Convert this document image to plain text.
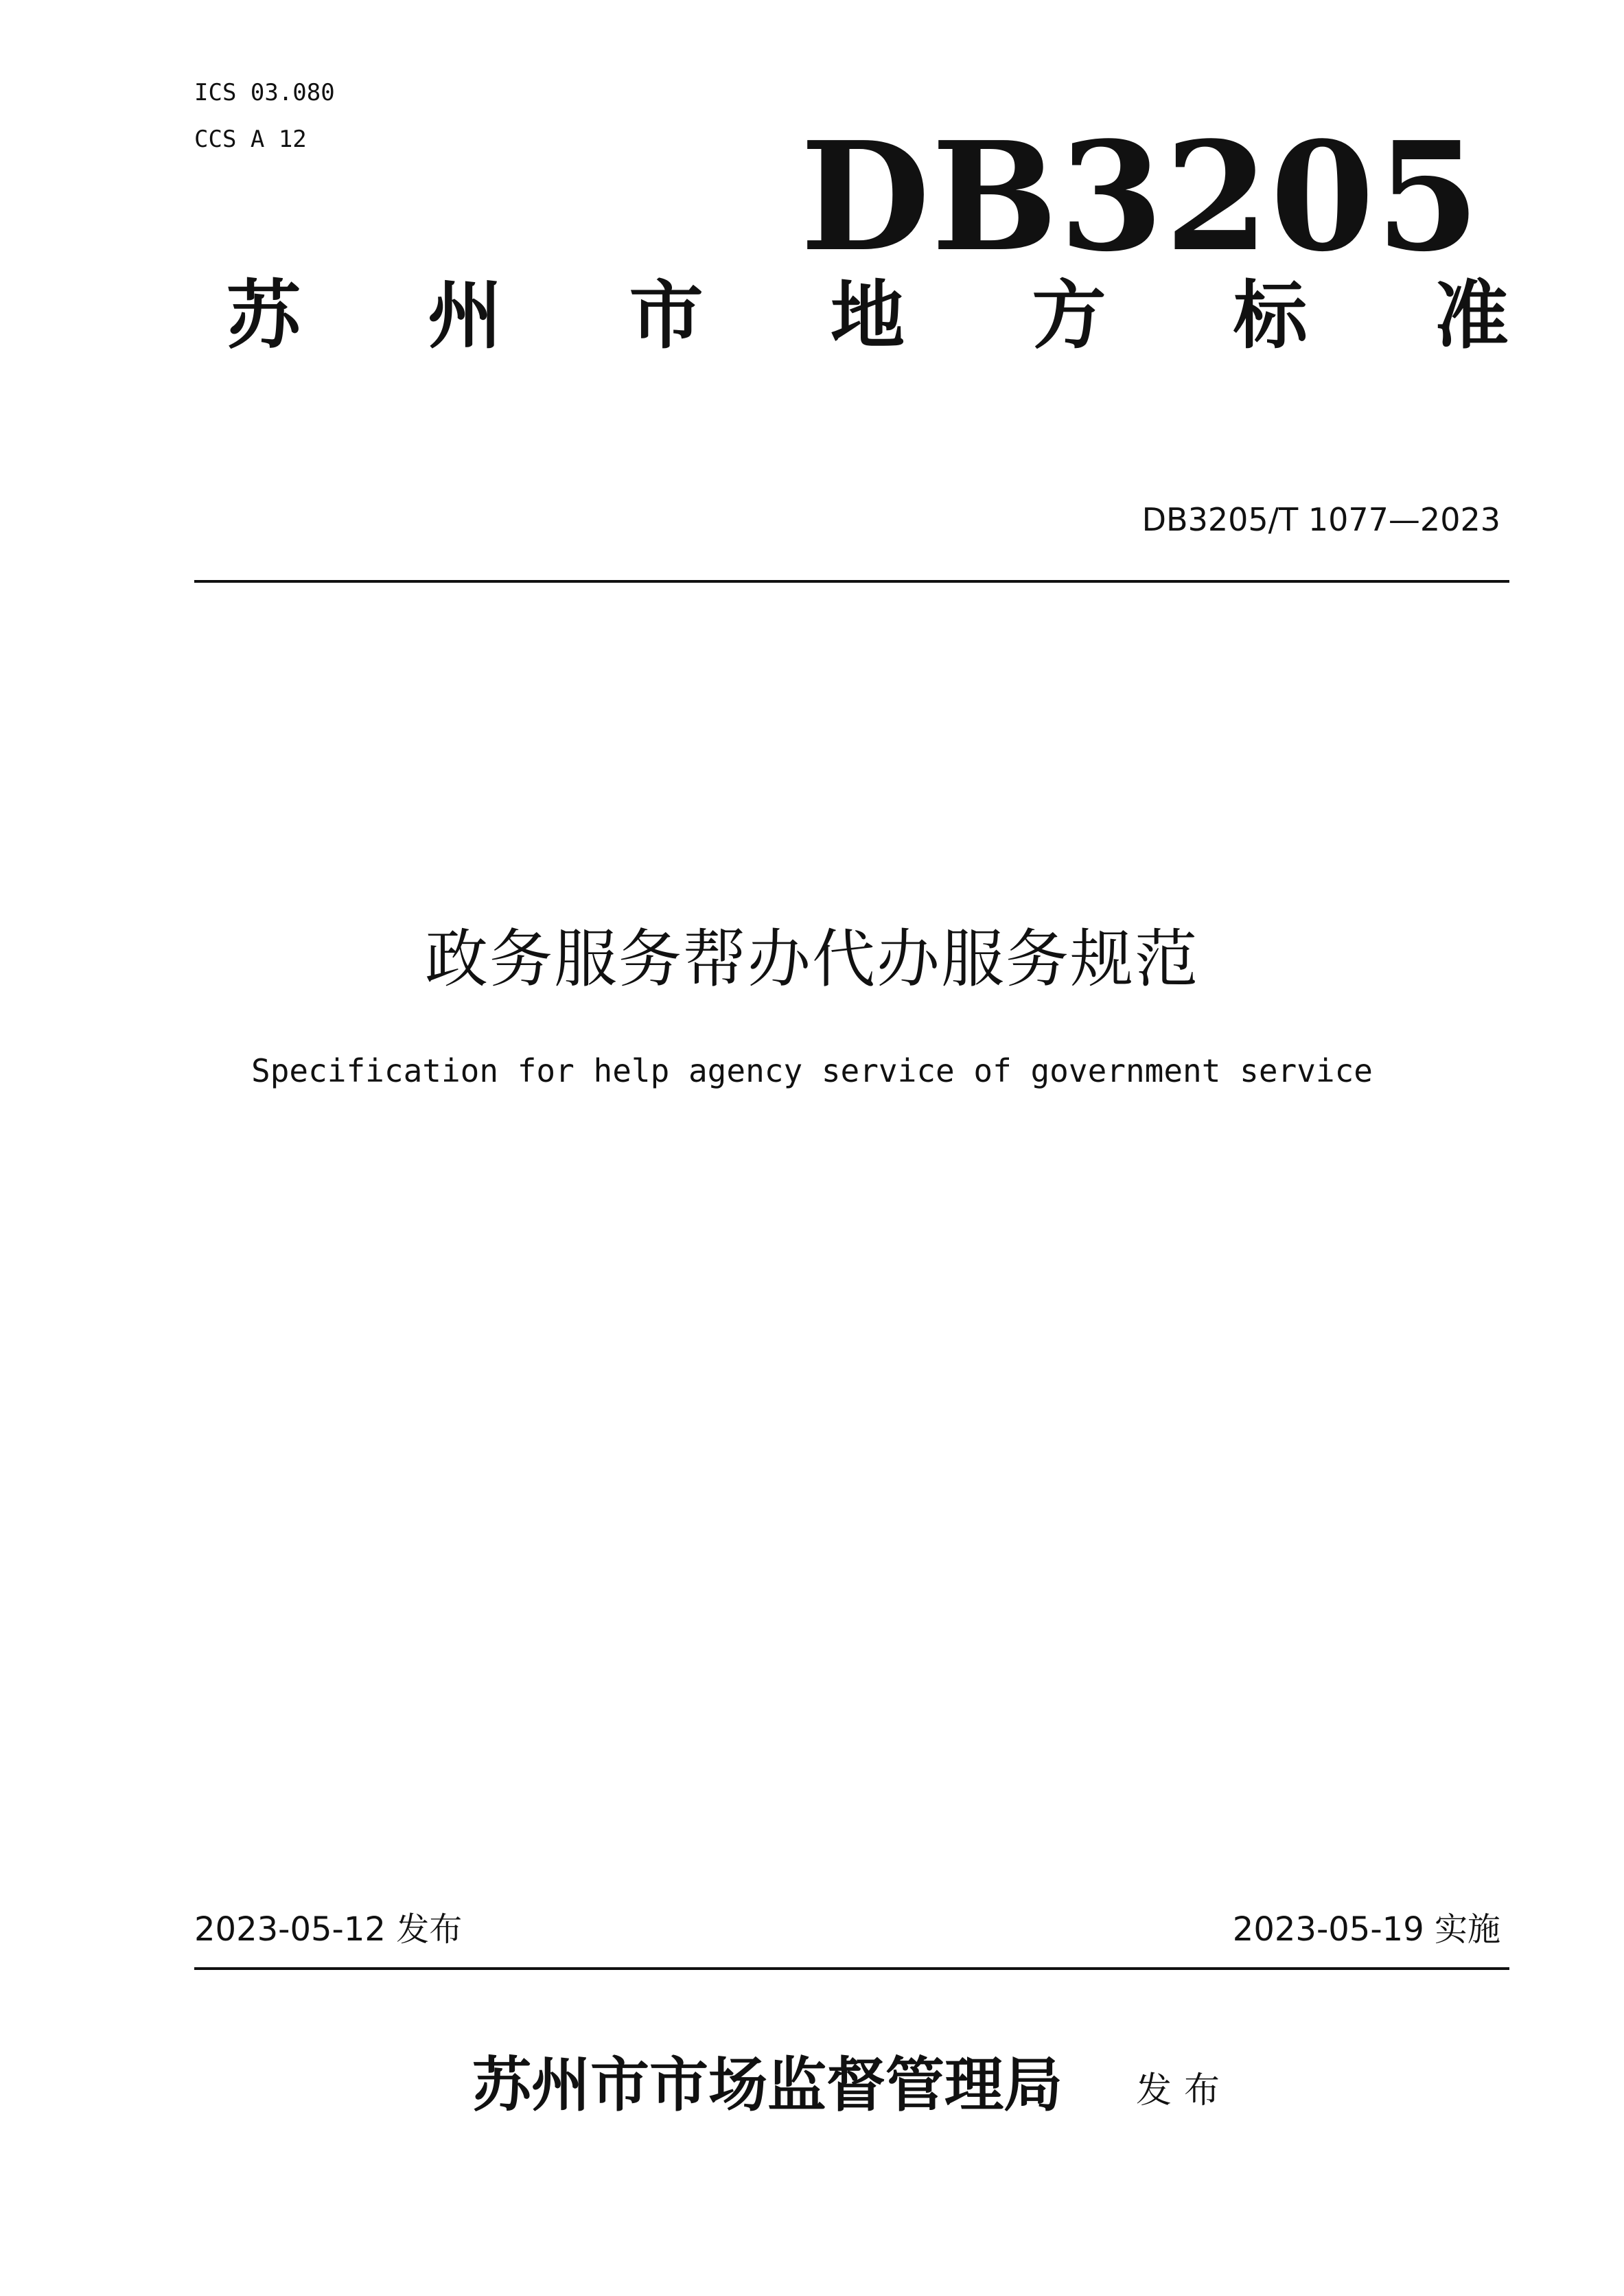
ICS 03.080
CCS A 12	DB3205
苏 州 市 地 方 标 准
DB3205/T 1077—2023
政务服务帮办代办服务规范
Specification for help agency service of government service
2023-05-12 发布	2023-05-19 实施
苏州市市场监督管理局 发布
